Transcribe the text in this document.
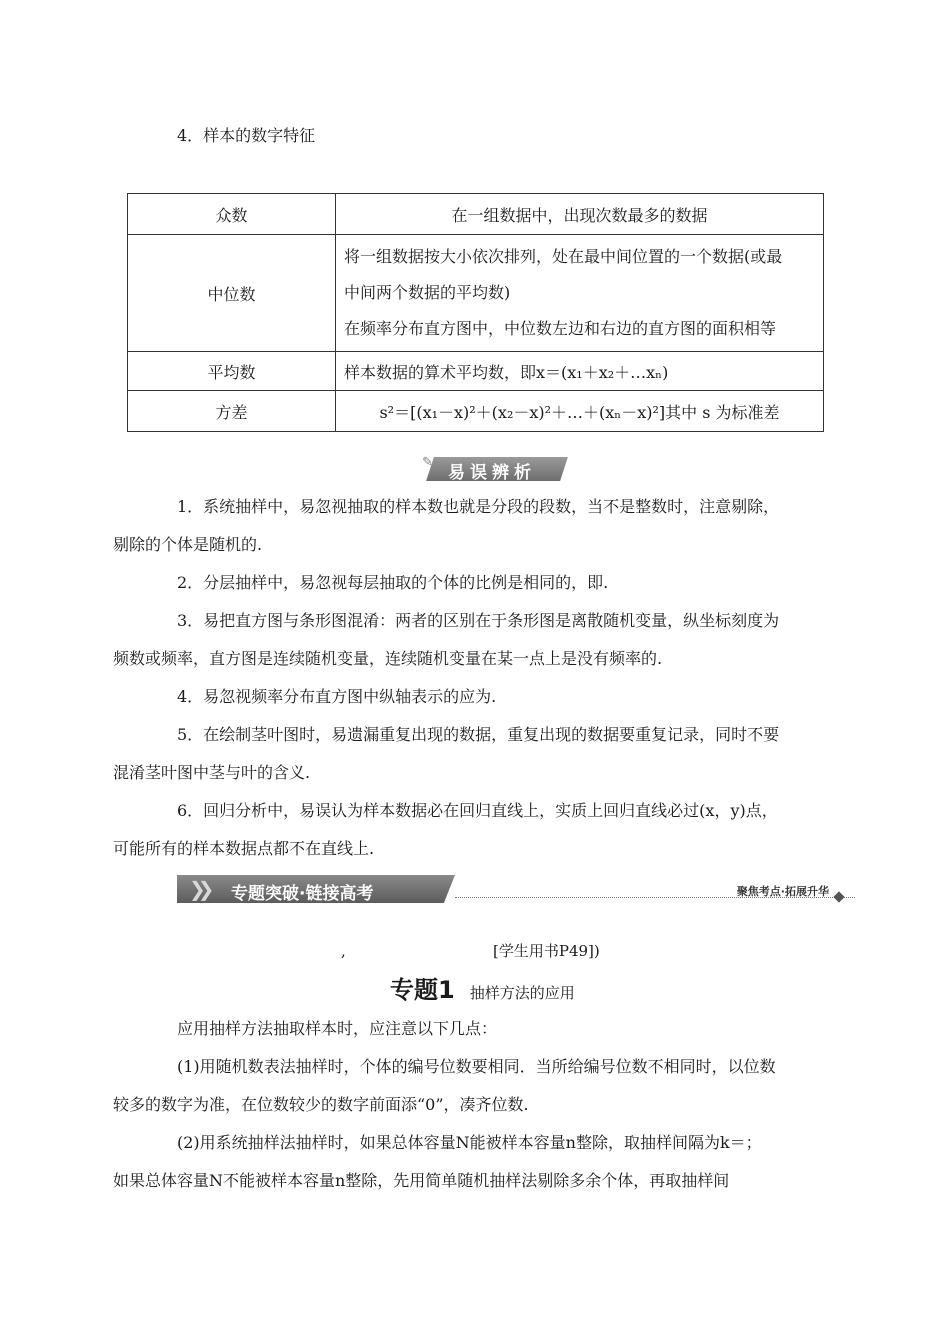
4．样本的数字特征
众数	在一组数据中，出现次数最多的数据
中位数	将一组数据按大小依次排列，处在最中间位置的一个数据(或最

中间两个数据的平均数)

在频率分布直方图中，中位数左边和右边的直方图的面积相等

平均数	样本数据的算术平均数，即x＝(x₁＋x₂＋…xₙ)
方差	s²＝[(x₁－x)²＋(x₂－x)²＋…＋(xₙ－x)²]其中 s 为标准差
✎
易误辨析

1．系统抽样中，易忽视抽取的样本数也就是分段的段数，当不是整数时，注意剔除，
剔除的个体是随机的.

2．分层抽样中，易忽视每层抽取的个体的比例是相同的，即.

3．易把直方图与条形图混淆：两者的区别在于条形图是离散随机变量，纵坐标刻度为
频数或频率，直方图是连续随机变量，连续随机变量在某一点上是没有频率的.

4．易忽视频率分布直方图中纵轴表示的应为.

5．在绘制茎叶图时，易遗漏重复出现的数据，重复出现的数据要重复记录，同时不要
混淆茎叶图中茎与叶的含义.

6．回归分析中，易误认为样本数据必在回归直线上，实质上回归直线必过(x，y)点，
可能所有的样本数据点都不在直线上.

❯❯ 专题突破·链接高考	聚焦考点·拓展升华
,	[学生用书P49])
专题1 抽样方法的应用

应用抽样方法抽取样本时，应注意以下几点：

(1)用随机数表法抽样时，个体的编号位数要相同．当所给编号位数不相同时，以位数
较多的数字为准，在位数较少的数字前面添“0”，凑齐位数.

(2)用系统抽样法抽样时，如果总体容量N能被样本容量n整除，取抽样间隔为k＝；
如果总体容量N不能被样本容量n整除，先用简单随机抽样法剔除多余个体，再取抽样间
